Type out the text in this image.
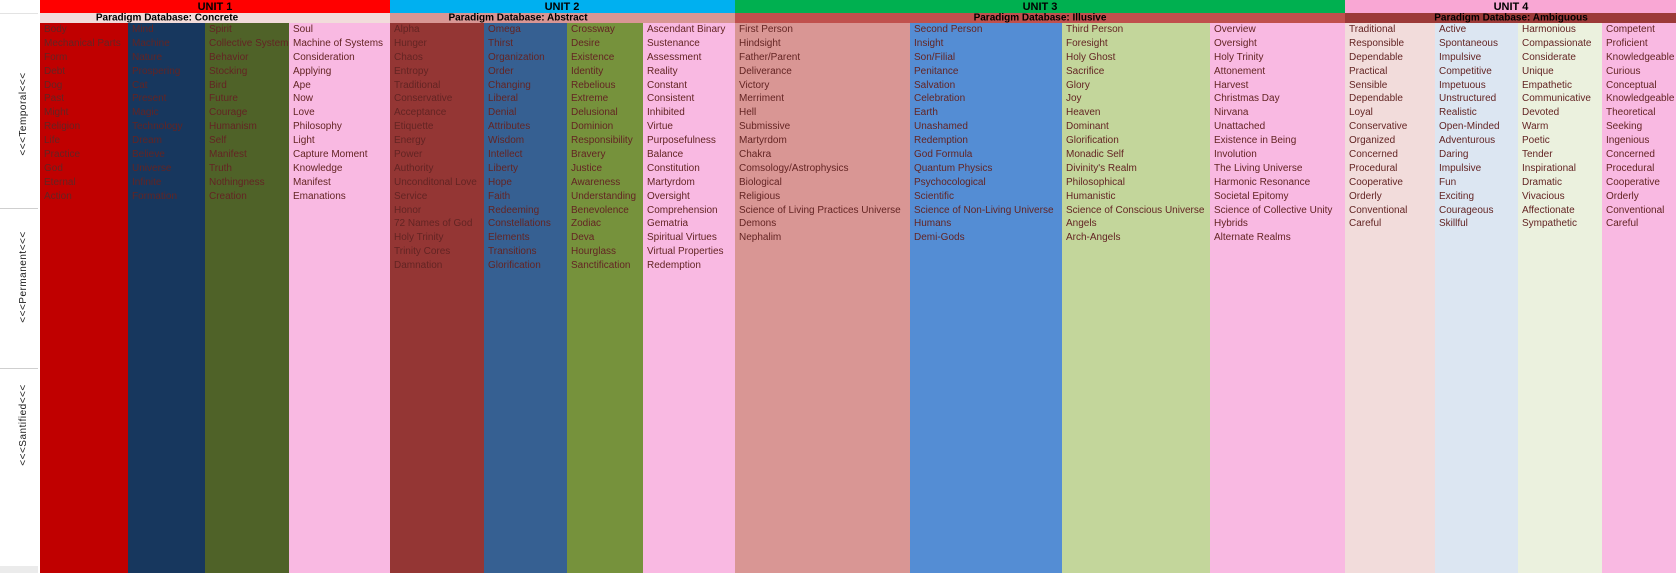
<<<Temporal<<<
<<<Permanent<<<
<<<Santified<<<
UNIT 1
Paradigm Database: Concrete
Body
Mechanical Parts
Form
Debt
Dog
Past
Might
Religion
Life
Practice
God
Eternal
Action
Mind
Machine
Nature
Prospering
Cat
Present
Magic
Technology
Dream
Believe
Universe
Infinite
Formation
Spirit
Collective System
Behavior
Stocking
Bird
Future
Courage
Humanism
Self
Manifest
Truth
Nothingness
Creation
Soul
Machine of Systems
Consideration
Applying
Ape
Now
Love
Philosophy
Light
Capture Moment
Knowledge
Manifest
Emanations
UNIT 2
Paradigm Database: Abstract
Alpha
Hunger
Chaos
Entropy
Traditional
Conservative
Acceptance
Etiquette
Energy
Power
Authority
Unconditonal Love
Service
Honor
72 Names of God
Holy Trinity
Trinity Cores
Damnation
Omega
Thirst
Organization
Order
Changing
Liberal
Denial
Attributes
Wisdom
Intellect
Liberty
Hope
Faith
Redeeming
Constellations
Elements
Transitions
Glorification
Crossway
Desire
Existence
Identity
Rebelious
Extreme
Delusional
Dominion
Responsibility
Bravery
Justice
Awareness
Understanding
Benevolence
Zodiac
Deva
Hourglass
Sanctification
Ascendant Binary
Sustenance
Assessment
Reality
Constant
Consistent
Inhibited
Virtue
Purposefulness
Balance
Constitution
Martyrdom
Oversight
Comprehension
Gematria
Spiritual Virtues
Virtual Properties
Redemption
UNIT 3
Paradigm Database: Illusive
First Person
Hindsight
Father/Parent
Deliverance
Victory
Merriment
Hell
Submissive
Martyrdom
Chakra
Comsology/Astrophysics
Biological
Religious
Science of Living Practices Universe
Demons
Nephalim
Second Person
Insight
Son/Filial
Penitance
Salvation
Celebration
Earth
Unashamed
Redemption
God Formula
Quantum Physics
Psychocological
Scientific
Science of Non-Living Universe
Humans
Demi-Gods
Third Person
Foresight
Holy Ghost
Sacrifice
Glory
Joy
Heaven
Dominant
Glorification
Monadic Self
Divinity's Realm
Philosophical
Humanistic
Science of Conscious Universe
Angels
Arch-Angels
Overview
Oversight
Holy Trinity
Attonement
Harvest
Christmas Day
Nirvana
Unattached
Existence in Being
Involution
The Living Universe
Harmonic Resonance
Societal Epitomy
Science of Collective Unity
Hybrids
Alternate Realms
UNIT 4
Paradigm Database: Ambiguous
Traditional
Responsible
Dependable
Practical
Sensible
Dependable
Loyal
Conservative
Organized
Concerned
Procedural
Cooperative
Orderly
Conventional
Careful
Active
Spontaneous
Impulsive
Competitive
Impetuous
Unstructured
Realistic
Open-Minded
Adventurous
Daring
Impulsive
Fun
Exciting
Courageous
Skillful
Harmonious
Compassionate
Considerate
Unique
Empathetic
Communicative
Devoted
Warm
Poetic
Tender
Inspirational
Dramatic
Vivacious
Affectionate
Sympathetic
Competent
Proficient
Knowledgeable
Curious
Conceptual
Knowledgeable
Theoretical
Seeking
Ingenious
Concerned
Procedural
Cooperative
Orderly
Conventional
Careful
